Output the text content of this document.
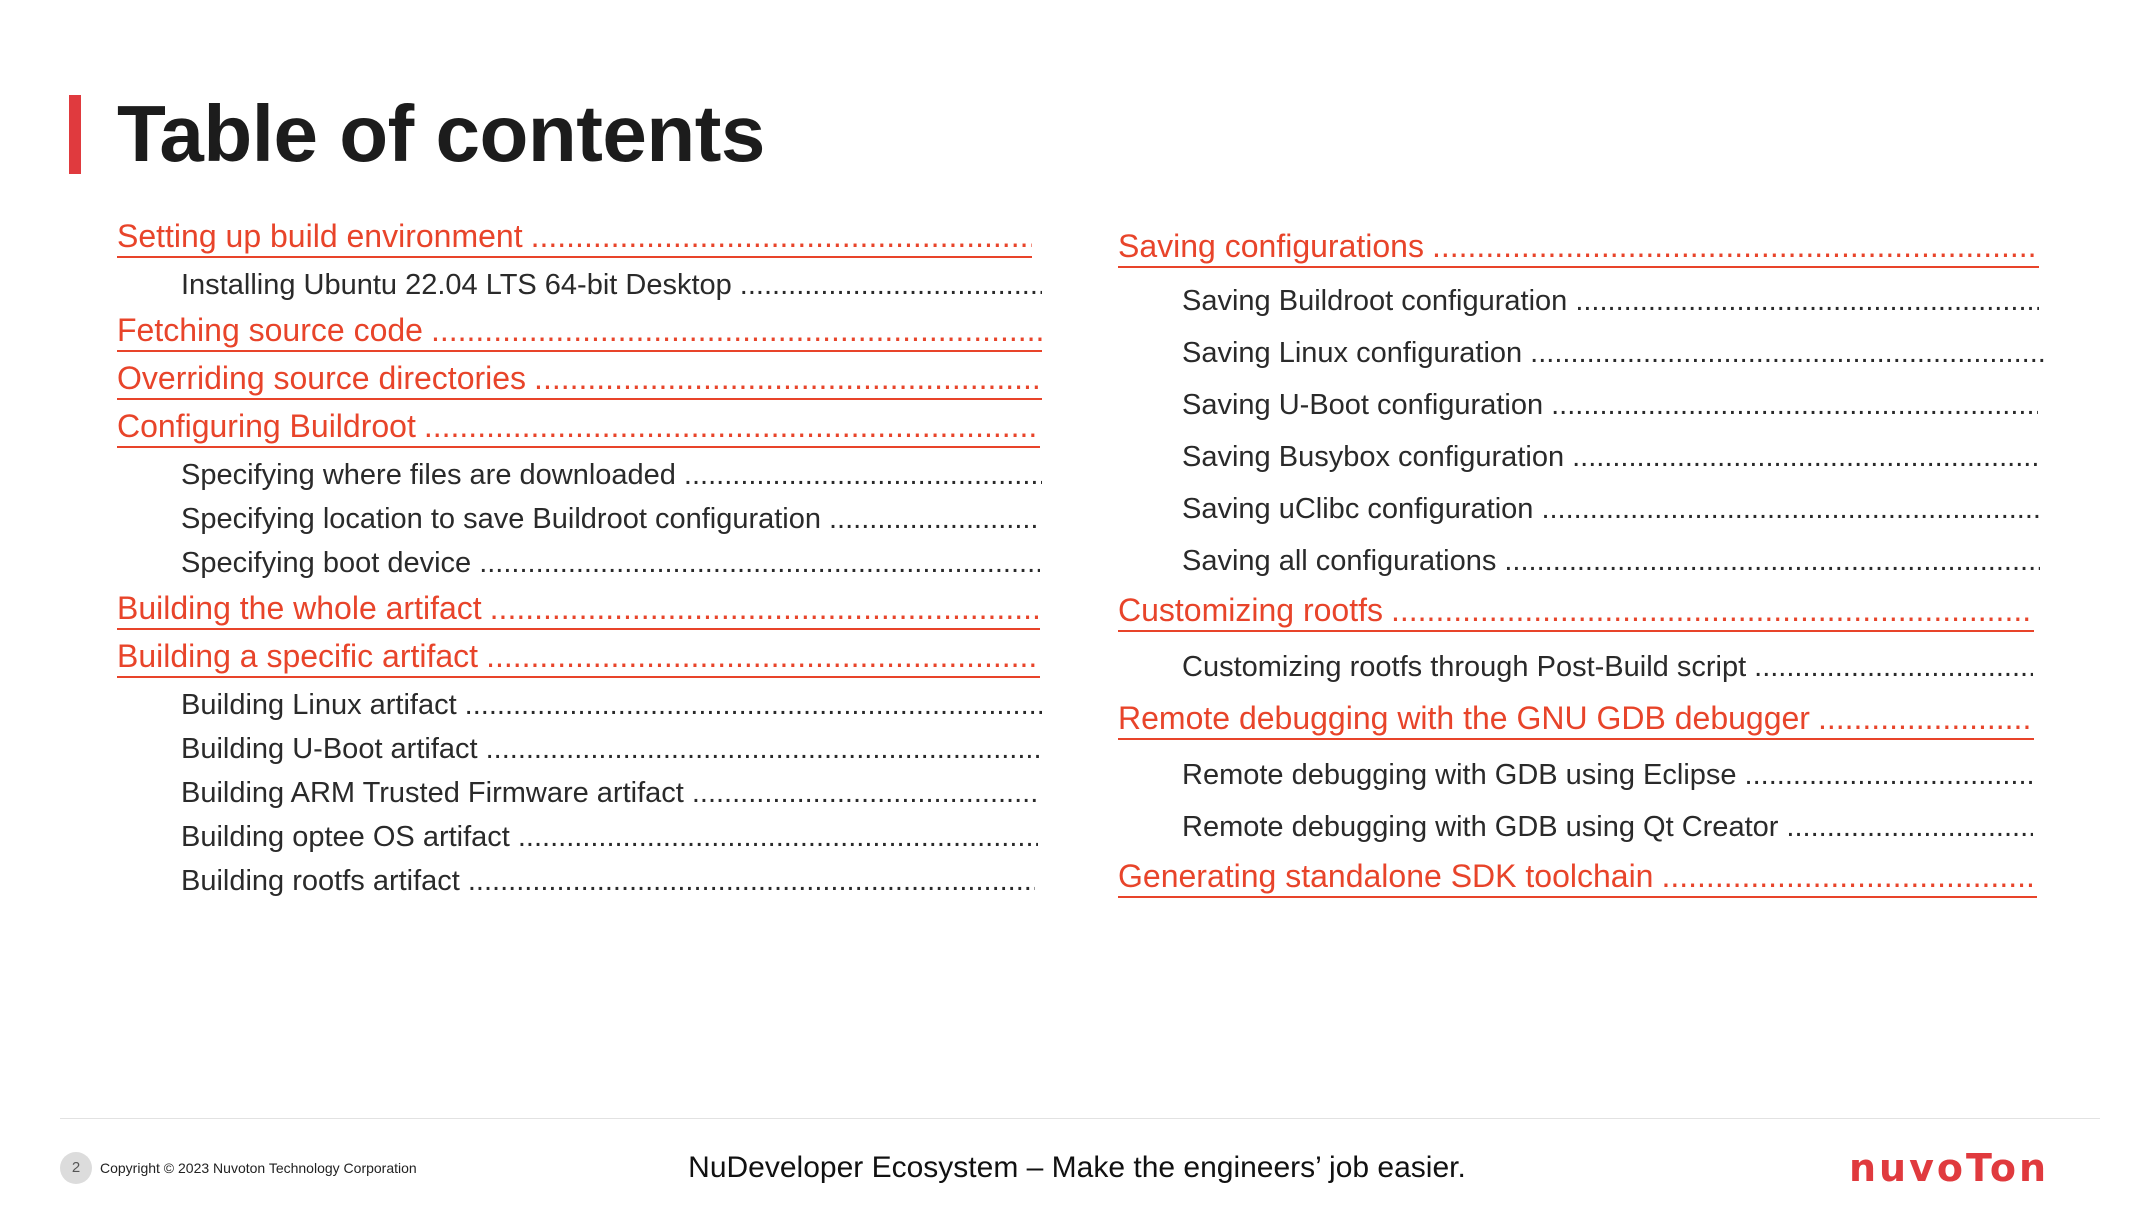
Table of contents
Setting up build environment
.....
Installing Ubuntu 22.04 LTS 64-bit Desktop
.....
Fetching source code
.....
Overriding source directories
.....
Configuring Buildroot
.....
Specifying where files are downloaded
.....
Specifying location to save Buildroot configuration
.....
Specifying boot device
.....
Building the whole artifact
.....
Building a specific artifact
.....
Building Linux artifact
.....
Building U-Boot artifact
.....
Building ARM Trusted Firmware artifact
.....
Building optee OS artifact
.....
Building rootfs artifact
.....
Saving configurations
.....
Saving Buildroot configuration
.....
Saving Linux configuration
.....
Saving U-Boot configuration
.....
Saving Busybox configuration
.....
Saving uClibc configuration
.....
Saving all configurations
.....
Customizing rootfs
.....
Customizing rootfs through Post-Build script
.....
Remote debugging with the GNU GDB debugger
.....
Remote debugging with GDB using Eclipse
.....
Remote debugging with GDB using Qt Creator
.....
Generating standalone SDK toolchain
.....
2	Copyright © 2023 Nuvoton Technology Corporation	NuDeveloper Ecosystem – Make the engineers’ job easier.	nuvoTon
